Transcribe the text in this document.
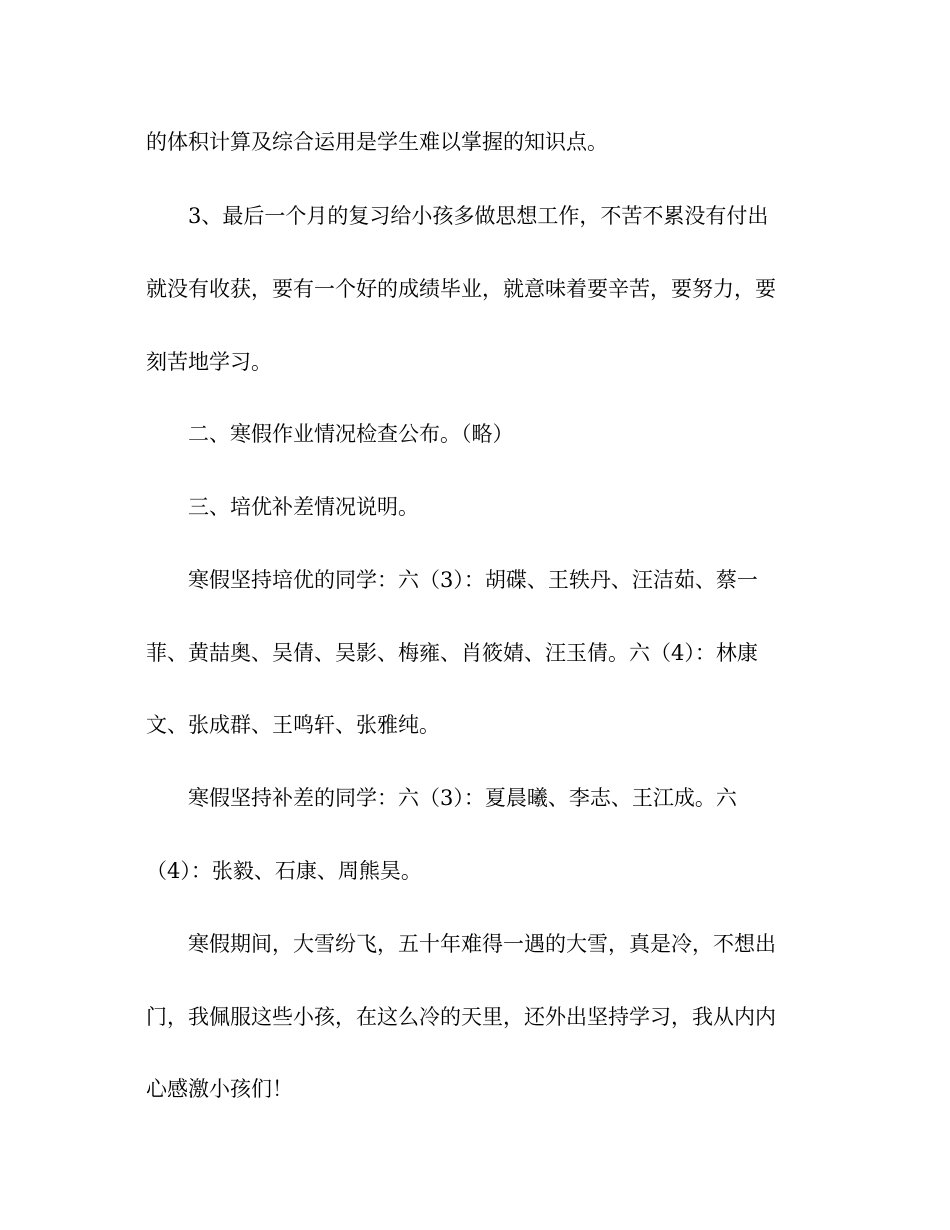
的体积计算及综合运用是学生难以掌握的知识点。
3、最后一个月的复习给小孩多做思想工作，不苦不累没有付出
就没有收获，要有一个好的成绩毕业，就意味着要辛苦，要努力，要
刻苦地学习。
二、寒假作业情况检查公布。（略）
三、培优补差情况说明。
寒假坚持培优的同学：六（3）：胡碟、王轶丹、汪洁茹、蔡一
菲、黄喆奥、吴倩、吴影、梅雍、肖筱婧、汪玉倩。六（4）：林康
文、张成群、王鸣轩、张雅纯。
寒假坚持补差的同学：六（3）：夏晨曦、李志、王江成。六
（4）：张毅、石康、周熊昊。
寒假期间，大雪纷飞，五十年难得一遇的大雪，真是冷，不想出
门，我佩服这些小孩，在这么冷的天里，还外出坚持学习，我从内内
心感激小孩们！
